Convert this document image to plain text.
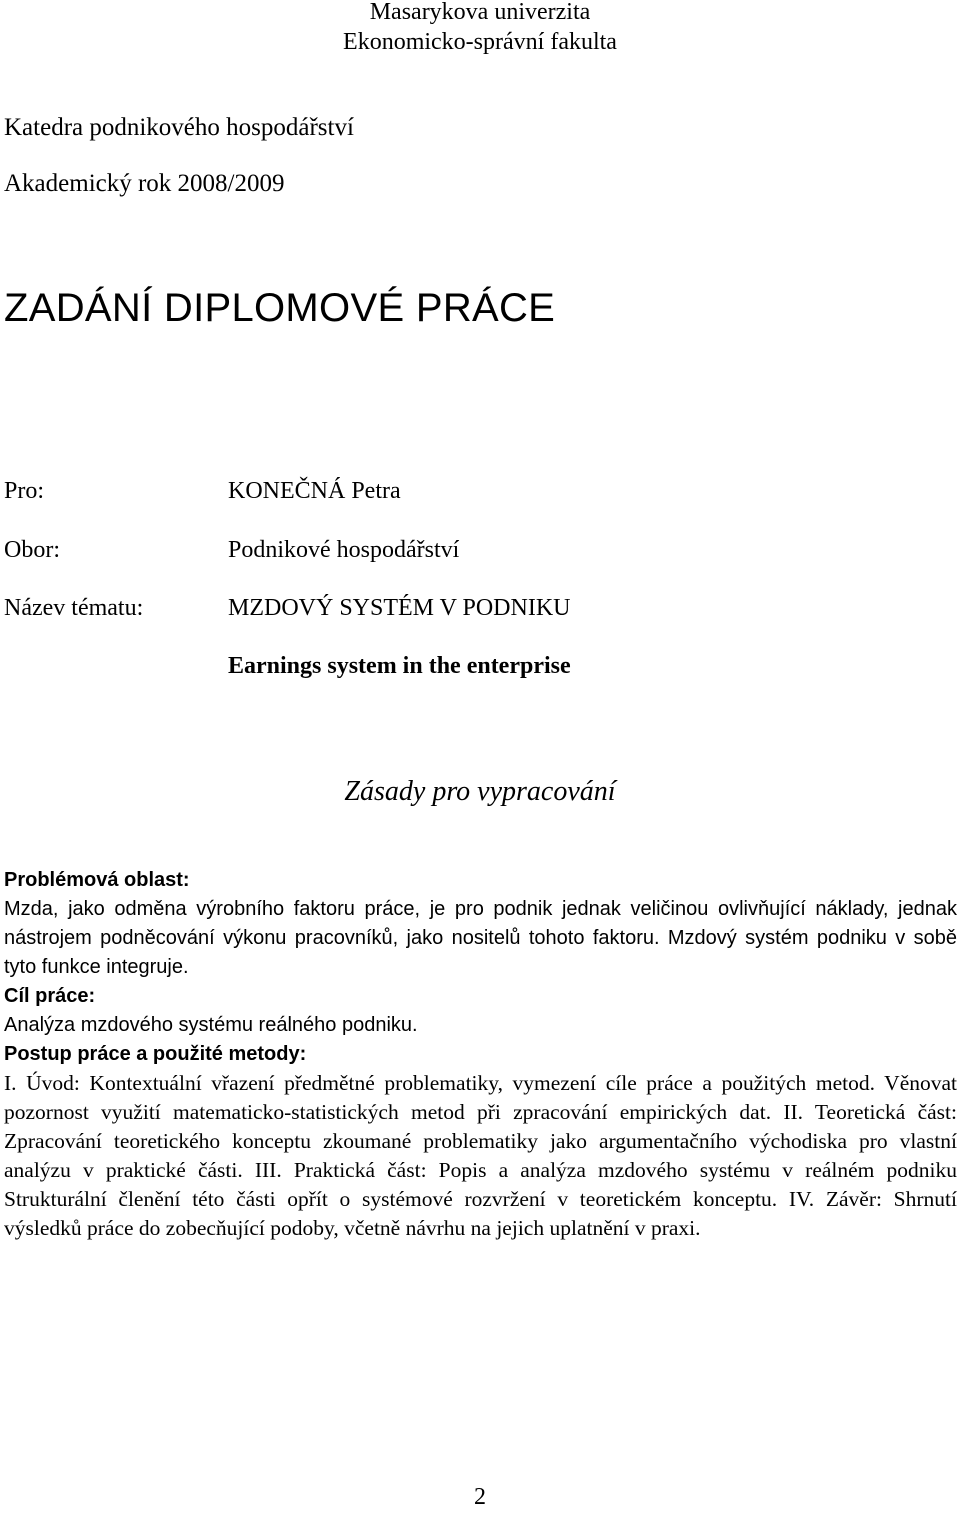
Masarykova univerzita
Ekonomicko-správní fakulta
Katedra podnikového hospodářství
Akademický rok 2008/2009
ZADÁNÍ DIPLOMOVÉ PRÁCE
Pro:	KONEČNÁ Petra
Obor:	Podnikové hospodářství
Název tématu:	MZDOVÝ SYSTÉM V PODNIKU
Earnings system in the enterprise
Zásady pro vypracování

Problémová oblast:

Mzda, jako odměna výrobního faktoru práce, je pro podnik jednak veličinou ovlivňující náklady, jednak nástrojem podněcování výkonu pracovníků, jako nositelů tohoto faktoru. Mzdový systém podniku v sobě tyto funkce integruje.

Cíl práce:

Analýza mzdového systému reálného podniku.

Postup práce a použité metody:

I. Úvod: Kontextuální vřazení předmětné problematiky, vymezení cíle práce a použitých metod. Věnovat pozornost využití matematicko-statistických metod při zpracování empirických dat. II. Teoretická část: Zpracování teoretického konceptu zkoumané problematiky jako argumentačního východiska pro vlastní analýzu v praktické části. III. Praktická část: Popis a analýza mzdového systému v reálném podniku Strukturální členění této části opřít o systémové rozvržení v teoretickém konceptu. IV. Závěr: Shrnutí výsledků práce do zobecňující podoby, včetně návrhu na jejich uplatnění v praxi.

2
